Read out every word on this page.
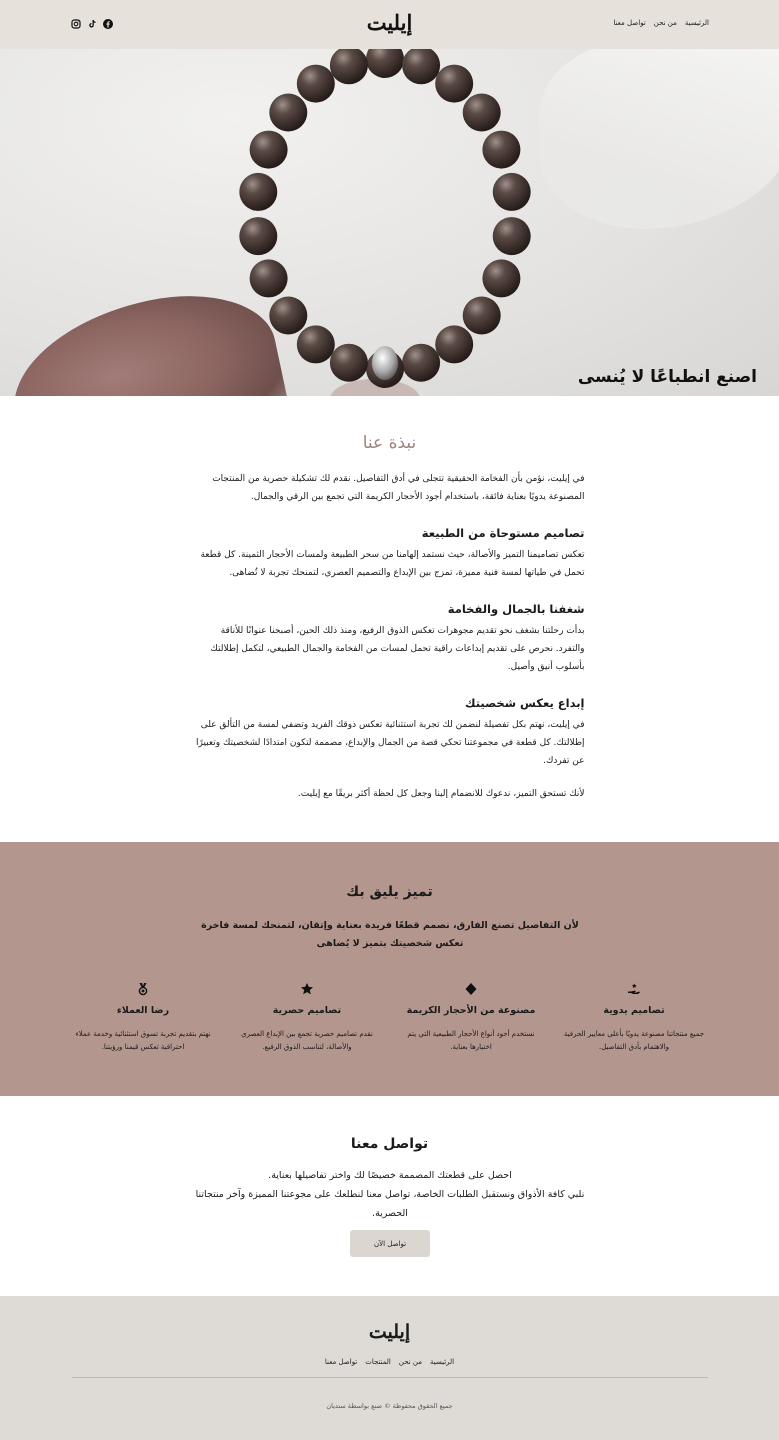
الرئيسية
من نحن
تواصل معنا
إيليت
اصنع انطباعًا لا يُنسى
نبذة عنا

في إيليت، نؤمن بأن الفخامة الحقيقية تتجلى في أدق التفاصيل. نقدم لك تشكيلة حصرية من المنتجات المصنوعة يدويًا بعناية فائقة، باستخدام أجود الأحجار الكريمة التي تجمع بين الرقي والجمال.

تصاميم مستوحاة من الطبيعة

تعكس تصاميمنا التميز والأصالة، حيث نستمد إلهامنا من سحر الطبيعة ولمسات الأحجار الثمينة. كل قطعة تحمل في طياتها لمسة فنية مميزة، تمزج بين الإبداع والتصميم العصري، لتمنحك تجربة لا تُضاهى.

شغفنا بالجمال والفخامة

بدأت رحلتنا بشغف نحو تقديم مجوهرات تعكس الذوق الرفيع، ومنذ ذلك الحين، أصبحنا عنوانًا للأناقة والتفرد. نحرص على تقديم إبداعات راقية تحمل لمسات من الفخامة والجمال الطبيعي، لتكمل إطلالتك بأسلوب أنيق وأصيل.

إبداع يعكس شخصيتك

في إيليت، نهتم بكل تفصيلة لنضمن لك تجربة استثنائية تعكس ذوقك الفريد وتضفي لمسة من التألق على إطلالتك. كل قطعة في مجموعتنا تحكي قصة من الجمال والإبداع، مصممة لتكون امتدادًا لشخصيتك وتعبيرًا عن تفردك.

لأنك تستحق التميز، ندعوك للانضمام إلينا وجعل كل لحظة أكثر بريقًا مع إيليت.

تميز يليق بك
لأن التفاصيل تصنع الفارق، نصمم قطعًا فريدة بعناية وإتقان، لتمنحك لمسة فاخرة تعكس شخصيتك بتميز لا يُضاهى
تصاميم يدوية
جميع منتجاتنا مصنوعة يدويًا بأعلى معايير الحرفية والاهتمام بأدق التفاصيل.
مصنوعة من الأحجار الكريمة
نستخدم أجود أنواع الأحجار الطبيعية التي يتم اختيارها بعناية.
تصاميم حصرية
نقدم تصاميم حصرية تجمع بين الإبداع العصري والأصالة، لتناسب الذوق الرفيع.
رضا العملاء
نهتم بتقديم تجربة تسوق استثنائية وخدمة عملاء احترافية تعكس قيمنا ورؤيتنا.
تواصل معنا
احصل على قطعتك المصممة خصيصًا لك واختر تفاصيلها بعناية.
نلبي كافة الأذواق ونستقبل الطلبات الخاصة، تواصل معنا لنطلعك على مجوعتنا المميزة وآخر منتجاتنا الحصرية.
تواصل الآن
إيليت
الرئيسية
من نحن
المنتجات
تواصل معنا
جميع الحقوق محفوظة © صنع بواسطة ستديان
